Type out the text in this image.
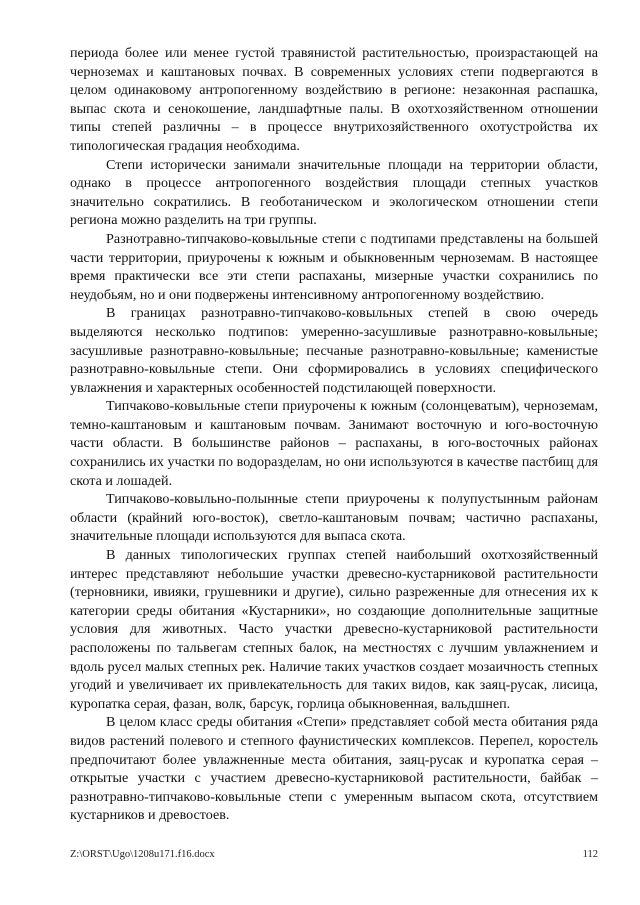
периода более или менее густой травянистой растительностью, произрастающей на черноземах и каштановых почвах. В современных условиях степи подвергаются в целом одинаковому антропогенному воздействию в регионе: незаконная распашка, выпас скота и сенокошение, ландшафтные палы. В охотхозяйственном отношении типы степей различны – в процессе внутрихозяйственного охотустройства их типологическая градация необходима.

Степи исторически занимали значительные площади на территории области, однако в процессе антропогенного воздействия площади степных участков значительно сократились. В геоботаническом и экологическом отношении степи региона можно разделить на три группы.

Разнотравно-типчаково-ковыльные степи с подтипами представлены на большей части территории, приурочены к южным и обыкновенным черноземам. В настоящее время практически все эти степи распаханы, мизерные участки сохранились по неудобьям, но и они подвержены интенсивному антропогенному воздействию.

В границах разнотравно-типчаково-ковыльных степей в свою очередь выделяются несколько подтипов: умеренно-засушливые разнотравно-ковыльные; засушливые разнотравно-ковыльные; песчаные разнотравно-ковыльные; каменистые разнотравно-ковыльные степи. Они сформировались в условиях специфического увлажнения и характерных особенностей подстилающей поверхности.

Типчаково-ковыльные степи приурочены к южным (солонцеватым), черноземам, темно-каштановым и каштановым почвам. Занимают восточную и юго-восточную части области. В большинстве районов – распаханы, в юго-восточных районах сохранились их участки по водоразделам, но они используются в качестве пастбищ для скота и лошадей.

Типчаково-ковыльно-полынные степи приурочены к полупустынным районам области (крайний юго-восток), светло-каштановым почвам; частично распаханы, значительные площади используются для выпаса скота.

В данных типологических группах степей наибольший охотхозяйственный интерес представляют небольшие участки древесно-кустарниковой растительности (терновники, ивияки, грушевники и другие), сильно разреженные для отнесения их к категории среды обитания «Кустарники», но создающие дополнительные защитные условия для животных. Часто участки древесно-кустарниковой растительности расположены по тальвегам степных балок, на местностях с лучшим увлажнением и вдоль русел малых степных рек. Наличие таких участков создает мозаичность степных угодий и увеличивает их привлекательность для таких видов, как заяц-русак, лисица, куропатка серая, фазан, волк, барсук, горлица обыкновенная, вальдшнеп.

В целом класс среды обитания «Степи» представляет собой места обитания ряда видов растений полевого и степного фаунистических комплексов. Перепел, коростель предпочитают более увлажненные места обитания, заяц-русак и куропатка серая – открытые участки с участием древесно-кустарниковой растительности, байбак – разнотравно-типчаково-ковыльные степи с умеренным выпасом скота, отсутствием кустарников и древостоев.

Z:\ORST\Ugo\1208u171.f16.docx	112
